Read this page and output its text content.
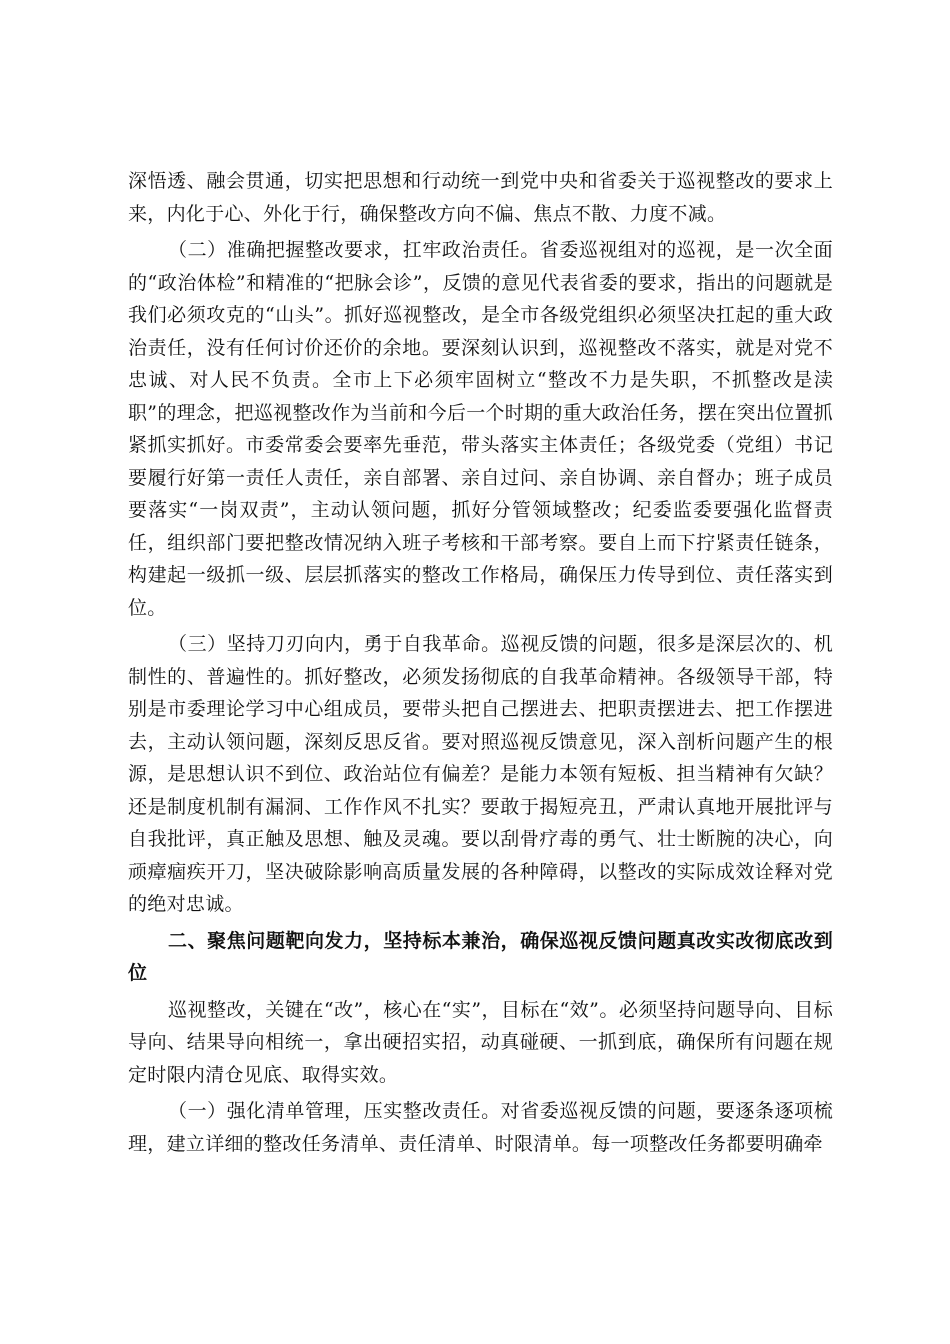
深悟透、融会贯通，切实把思想和行动统一到党中央和省委关于巡视整改的要求上来，内化于心、外化于行，确保整改方向不偏、焦点不散、力度不减。

（二）准确把握整改要求，扛牢政治责任。省委巡视组对的巡视，是一次全面的“政治体检”和精准的“把脉会诊”，反馈的意见代表省委的要求，指出的问题就是我们必须攻克的“山头”。抓好巡视整改，是全市各级党组织必须坚决扛起的重大政治责任，没有任何讨价还价的余地。要深刻认识到，巡视整改不落实，就是对党不忠诚、对人民不负责。全市上下必须牢固树立“整改不力是失职，不抓整改是渎职”的理念，把巡视整改作为当前和今后一个时期的重大政治任务，摆在突出位置抓紧抓实抓好。市委常委会要率先垂范，带头落实主体责任；各级党委（党组）书记要履行好第一责任人责任，亲自部署、亲自过问、亲自协调、亲自督办；班子成员要落实“一岗双责”，主动认领问题，抓好分管领域整改；纪委监委要强化监督责任，组织部门要把整改情况纳入班子考核和干部考察。要自上而下拧紧责任链条，构建起一级抓一级、层层抓落实的整改工作格局，确保压力传导到位、责任落实到位。

（三）坚持刀刃向内，勇于自我革命。巡视反馈的问题，很多是深层次的、机制性的、普遍性的。抓好整改，必须发扬彻底的自我革命精神。各级领导干部，特别是市委理论学习中心组成员，要带头把自己摆进去、把职责摆进去、把工作摆进去，主动认领问题，深刻反思反省。要对照巡视反馈意见，深入剖析问题产生的根源，是思想认识不到位、政治站位有偏差？是能力本领有短板、担当精神有欠缺？还是制度机制有漏洞、工作作风不扎实？要敢于揭短亮丑，严肃认真地开展批评与自我批评，真正触及思想、触及灵魂。要以刮骨疗毒的勇气、壮士断腕的决心，向顽瘴痼疾开刀，坚决破除影响高质量发展的各种障碍，以整改的实际成效诠释对党的绝对忠诚。

二、聚焦问题靶向发力，坚持标本兼治，确保巡视反馈问题真改实改彻底改到位

巡视整改，关键在“改”，核心在“实”，目标在“效”。必须坚持问题导向、目标导向、结果导向相统一，拿出硬招实招，动真碰硬、一抓到底，确保所有问题在规定时限内清仓见底、取得实效。

（一）强化清单管理，压实整改责任。对省委巡视反馈的问题，要逐条逐项梳理，建立详细的整改任务清单、责任清单、时限清单。每一项整改任务都要明确牵
